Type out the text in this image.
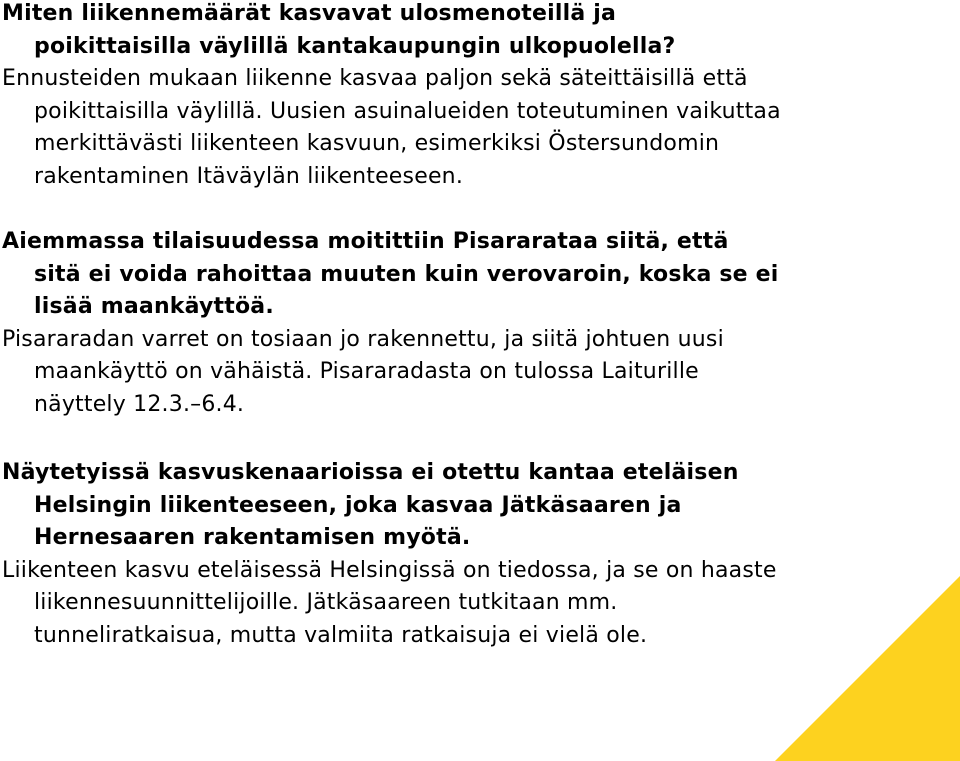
Miten liikennemäärät kasvavat ulosmenoteillä ja
poikittaisilla väylillä kantakaupungin ulkopuolella?

Ennusteiden mukaan liikenne kasvaa paljon sekä säteittäisillä että
poikittaisilla väylillä. Uusien asuinalueiden toteutuminen vaikuttaa
merkittävästi liikenteen kasvuun, esimerkiksi Östersundomin
rakentaminen Itäväylän liikenteeseen.

Aiemmassa tilaisuudessa moitittiin Pisararataa siitä, että
sitä ei voida rahoittaa muuten kuin verovaroin, koska se ei
lisää maankäyttöä.

Pisararadan varret on tosiaan jo rakennettu, ja siitä johtuen uusi
maankäyttö on vähäistä. Pisararadasta on tulossa Laiturille
näyttely 12.3.–6.4.

Näytetyissä kasvuskenaarioissa ei otettu kantaa eteläisen
Helsingin liikenteeseen, joka kasvaa Jätkäsaaren ja
Hernesaaren rakentamisen myötä.

Liikenteen kasvu eteläisessä Helsingissä on tiedossa, ja se on haaste
liikennesuunnittelijoille. Jätkäsaareen tutkitaan mm.
tunneliratkaisua, mutta valmiita ratkaisuja ei vielä ole.
